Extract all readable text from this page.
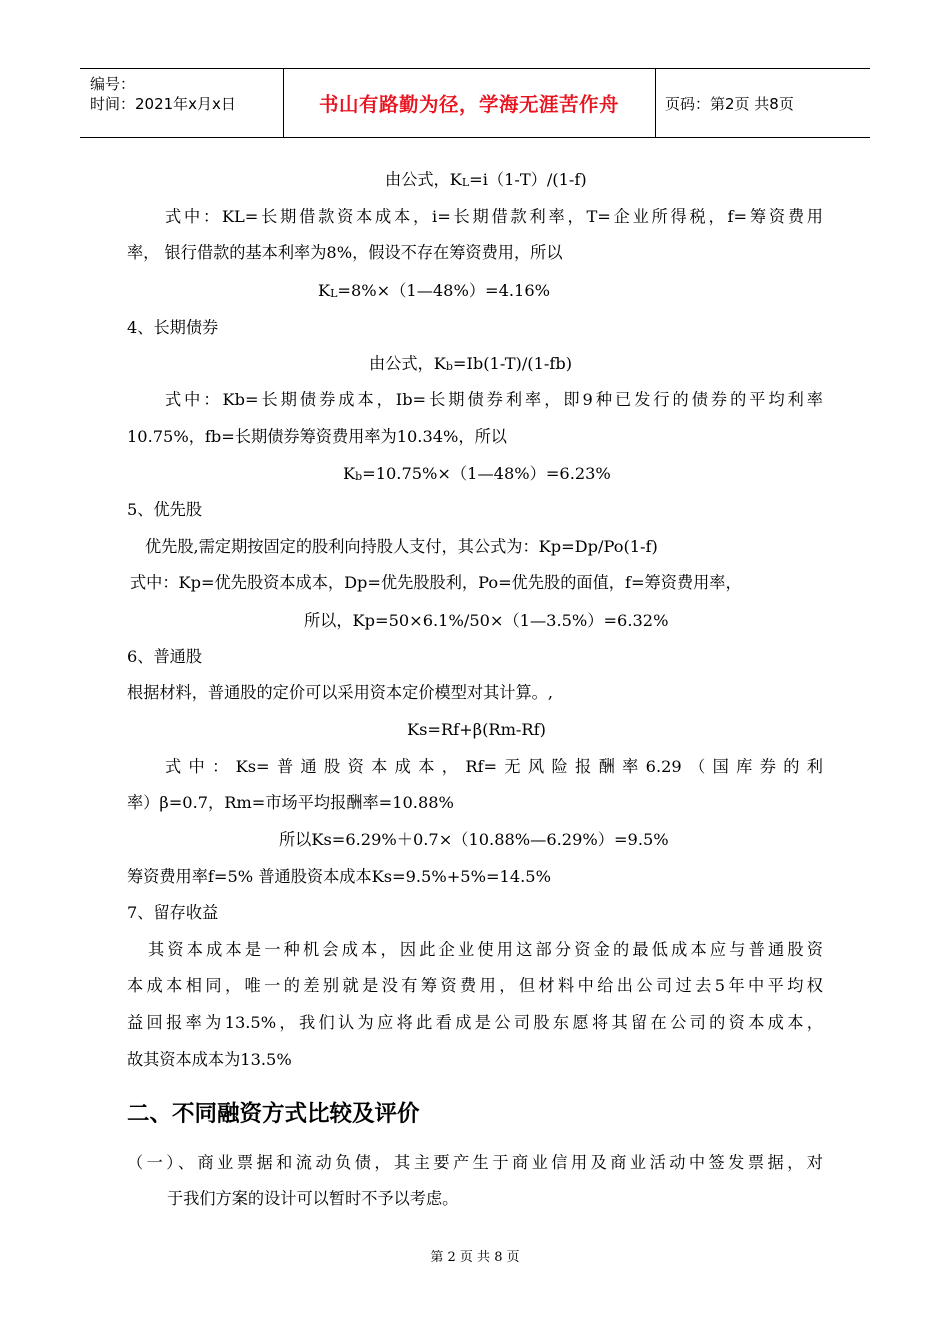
编号：
时间：2021年x月x日	书山有路勤为径，学海无涯苦作舟	页码：第2页 共8页
由公式，KL=i（1-T）/(1-f)
式中：KL=长期借款资本成本，i=长期借款利率，T=企业所得税，f=筹资费用
率， 银行借款的基本利率为8%，假设不存在筹资费用，所以
KL=8%×（1—48%）=4.16%
4、长期债券
由公式，Kb=Ib(1-T)/(1-fb)
式中：Kb=长期债券成本，Ib=长期债券利率，即9种已发行的债券的平均利率
10.75%，fb=长期债券筹资费用率为10.34%，所以
Kb=10.75%×（1—48%）=6.23%
5、优先股
优先股,需定期按固定的股利向持股人支付，其公式为：Kp=Dp/Po(1-f)
式中：Kp=优先股资本成本，Dp=优先股股利，Po=优先股的面值，f=筹资费用率，
所以，Kp=50×6.1%/50×（1—3.5%）=6.32%
6、普通股
根据材料，普通股的定价可以采用资本定价模型对其计算。,
Ks=Rf+β(Rm-Rf)
式中：Ks=普通股资本成本，Rf=无风险报酬率6.29（国库券的利
率）β=0.7，Rm=市场平均报酬率=10.88%
所以Ks=6.29%＋0.7×（10.88%—6.29%）=9.5%
筹资费用率f=5% 普通股资本成本Ks=9.5%+5%=14.5%
7、留存收益
其资本成本是一种机会成本，因此企业使用这部分资金的最低成本应与普通股资
本成本相同，唯一的差别就是没有筹资费用，但材料中给出公司过去5年中平均权
益回报率为13.5%，我们认为应将此看成是公司股东愿将其留在公司的资本成本，
故其资本成本为13.5%
二、不同融资方式比较及评价
（一）、商业票据和流动负债，其主要产生于商业信用及商业活动中签发票据，对
于我们方案的设计可以暂时不予以考虑。
第 2 页 共 8 页
